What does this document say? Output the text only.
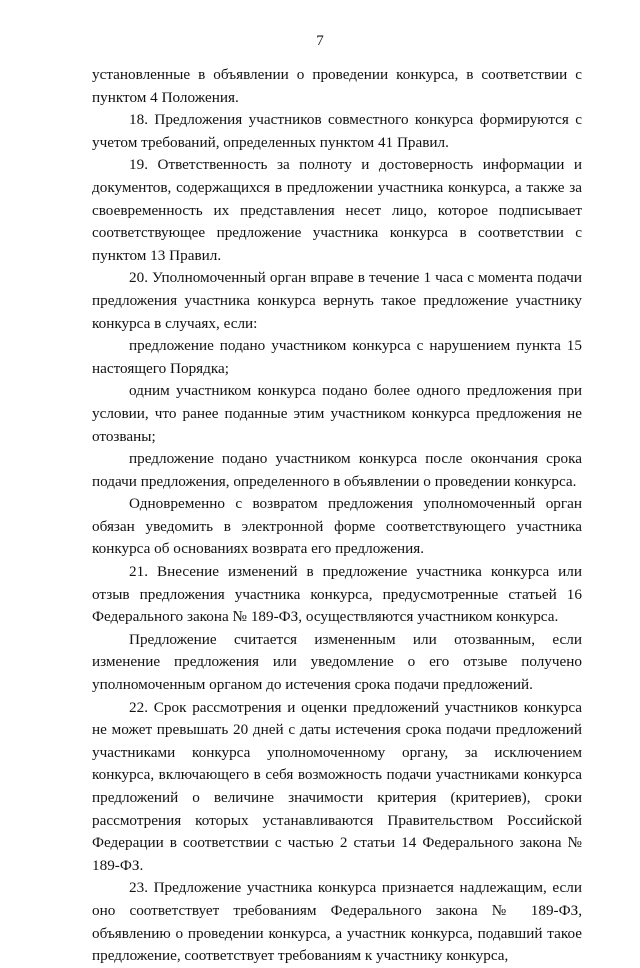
7

установленные в объявлении о проведении конкурса, в соответствии с пунктом 4 Положения.

18. Предложения участников совместного конкурса формируются с учетом требований, определенных пунктом 41 Правил.

19. Ответственность за полноту и достоверность информации и документов, содержащихся в предложении участника конкурса, а также за своевременность их представления несет лицо, которое подписывает соответствующее предложение участника конкурса в соответствии с пунктом 13 Правил.

20. Уполномоченный орган вправе в течение 1 часа с момента подачи предложения участника конкурса вернуть такое предложение участнику конкурса в случаях, если:

предложение подано участником конкурса с нарушением пункта 15 настоящего Порядка;

одним участником конкурса подано более одного предложения при условии, что ранее поданные этим участником конкурса предложения не отозваны;

предложение подано участником конкурса после окончания срока подачи предложения, определенного в объявлении о проведении конкурса.

Одновременно с возвратом предложения уполномоченный орган обязан уведомить в электронной форме соответствующего участника конкурса об основаниях возврата его предложения.

21. Внесение изменений в предложение участника конкурса или отзыв предложения участника конкурса, предусмотренные статьей 16 Федерального закона № 189-ФЗ, осуществляются участником конкурса.

Предложение считается измененным или отозванным, если изменение предложения или уведомление о его отзыве получено уполномоченным органом до истечения срока подачи предложений.

22. Срок рассмотрения и оценки предложений участников конкурса не может превышать 20 дней с даты истечения срока подачи предложений участниками конкурса уполномоченному органу, за исключением конкурса, включающего в себя возможность подачи участниками конкурса предложений о величине значимости критерия (критериев), сроки рассмотрения которых устанавливаются Правительством Российской Федерации в соответствии с частью 2 статьи 14 Федерального закона № 189-ФЗ.

23. Предложение участника конкурса признается надлежащим, если оно соответствует требованиям Федерального закона № 189-ФЗ, объявлению о проведении конкурса, а участник конкурса, подавший такое предложение, соответствует требованиям к участнику конкурса,
